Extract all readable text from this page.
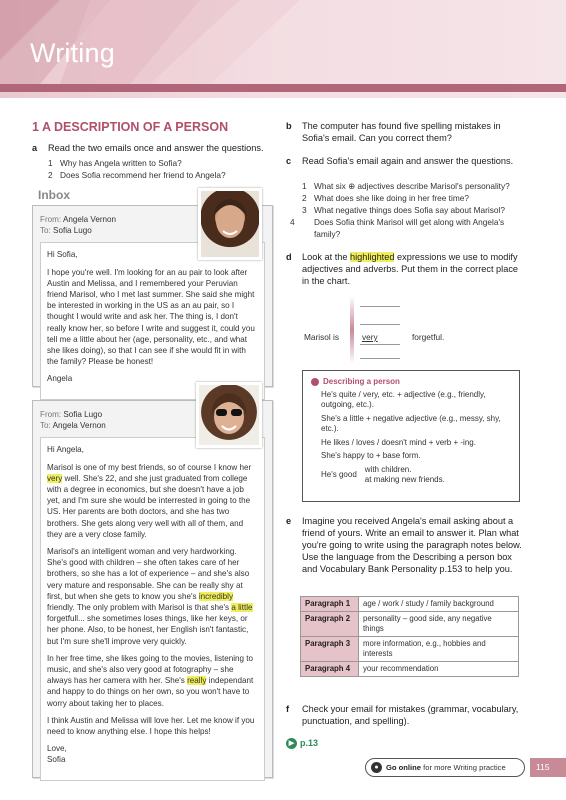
Writing
1 A DESCRIPTION OF A PERSON
a Read the two emails once and answer the questions.
1 Why has Angela written to Sofia?
2 Does Sofia recommend her friend to Angela?
Inbox
From: Angela Vernon
To: Sofia Lugo

Hi Sofia,

I hope you're well. I'm looking for an au pair to look after Austin and Melissa, and I remembered your Peruvian friend Marisol, who I met last summer. She said she might be interested in working in the US as an au pair, so I thought I would write and ask her. The thing is, I don't really know her, so before I write and suggest it, could you tell me a little about her (age, personality, etc., and what she likes doing), so that I can see if she would fit in with the family? Please be honest!

Angela

From: Sofia Lugo
To: Angela Vernon

Hi Angela,

Marisol is one of my best friends, so of course I know her very well. She's 22, and she just graduated from college with a degree in economics, but she doesn't have a job yet, and I'm sure she would be interrested in going to the US. Her parents are both doctors, and she has two brothers. She gets along very well with all of them, and they are a very close family.

Marisol's an intelligent woman and very hardworking. She's good with children – she often takes care of her brothers, so she has a lot of experience – and she's also very mature and responsable. She can be really shy at first, but when she gets to know you she's incredibly friendly. The only problem with Marisol is that she's a little forgetfull... she sometimes loses things, like her keys, or her phone. Also, to be honest, her English isn't fantastic, but I'm sure she'll improve very quickly.

In her free time, she likes going to the movies, listening to music, and she's also very good at fotography – she always has her camera with her. She's really independant and happy to do things on her own, so you won't have to worry about taking her to places.

I think Austin and Melissa will love her. Let me know if you need to know anything else. I hope this helps!

Love,

Sofia

b The computer has found five spelling mistakes in Sofia's email. Can you correct them?
c Read Sofia's email again and answer the questions.
1 What six ⊕ adjectives describe Marisol's personality?
2 What does she like doing in her free time?
3 What negative things does Sofia say about Marisol?
4 Does Sofia think Marisol will get along with Angela's family?
d Look at the highlighted expressions we use to modify adjectives and adverbs. Put them in the correct place in the chart.
Marisol is	very	forgetful.
Describing a person

He's quite / very, etc. + adjective (e.g., friendly, outgoing, etc.).

She's a little + negative adjective (e.g., messy, shy, etc.).

He likes / loves / doesn't mind + verb + -ing.

She's happy to + base form.

He's good
with children.
at making new friends.
e Imagine you received Angela's email asking about a friend of yours. Write an email to answer it. Plan what you're going to write using the paragraph notes below. Use the language from the Describing a person box and Vocabulary Bank Personality p.153 to help you.
Paragraph 1	age / work / study / family background
Paragraph 2	personality – good side, any negative things
Paragraph 3	more information, e.g., hobbies and interests
Paragraph 4	your recommendation
f Check your email for mistakes (grammar, vocabulary, punctuation, and spelling).
▶ p.13
● Go online for more Writing practice	115
